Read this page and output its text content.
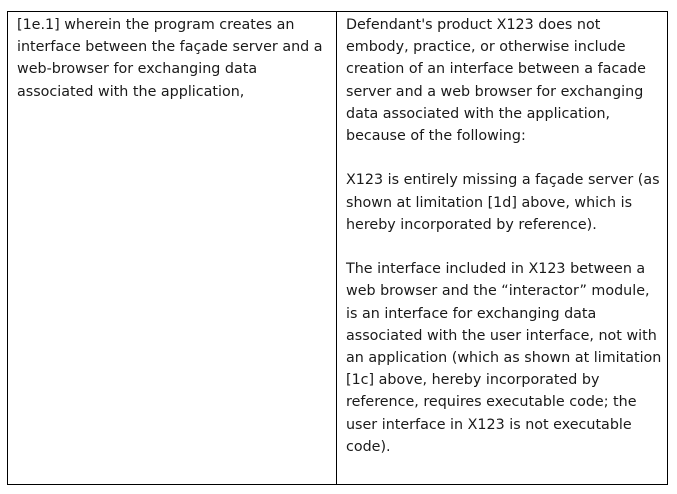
[1e.1] wherein the program creates an interface between the façade server and a web-browser for exchanging data associated with the application,

Defendant's product X123 does not embody, practice, or otherwise include creation of an interface between a facade server and a web browser for exchanging data associated with the application, because of the following:

X123 is entirely missing a façade server (as shown at limitation [1d] above, which is hereby incorporated by reference).

The interface included in X123 between a web browser and the “interactor” module, is an interface for exchanging data associated with the user interface, not with an application (which as shown at limitation [1c] above, hereby incorporated by reference, requires executable code; the user interface in X123 is not executable code).
